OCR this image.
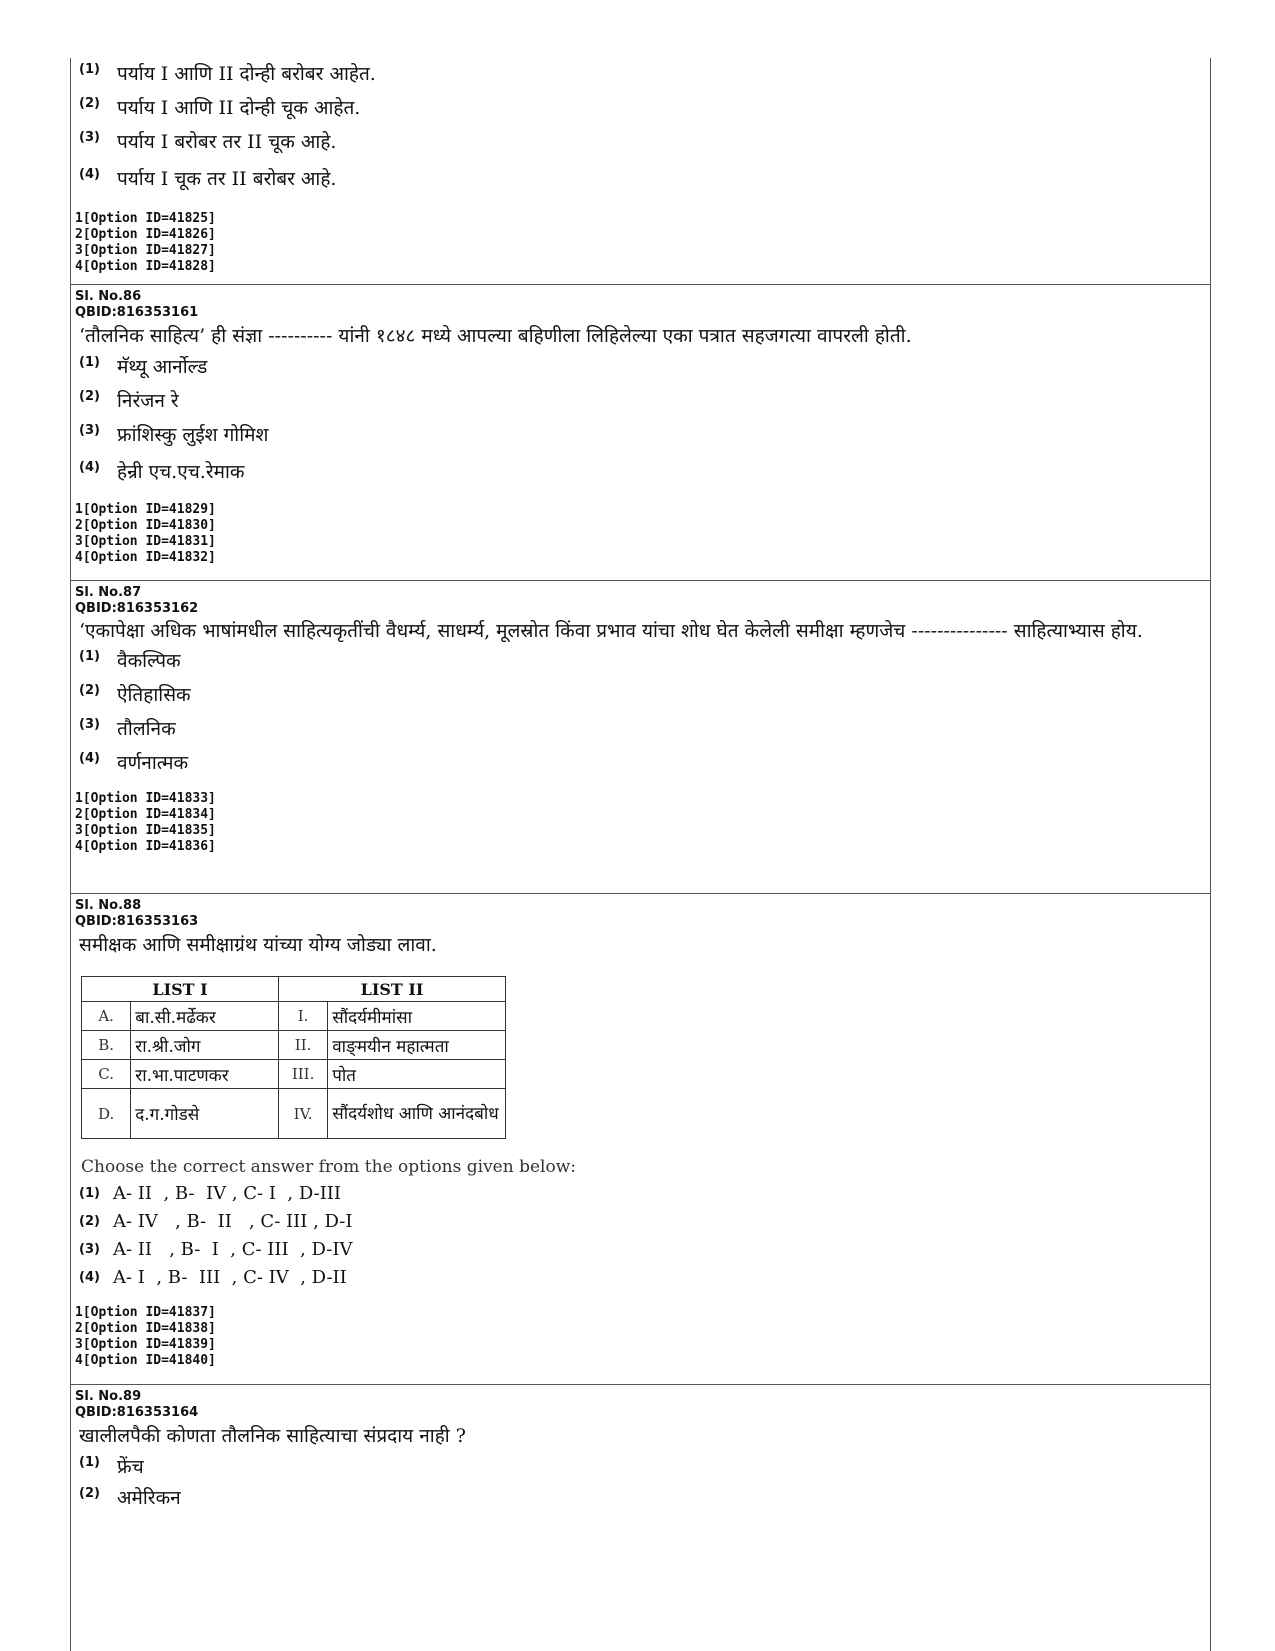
(1) पर्याय I आणि II दोन्ही बरोबर आहेत.
(2) पर्याय I आणि II दोन्ही चूक आहेत.
(3) पर्याय I बरोबर तर II चूक आहे.
(4) पर्याय I चूक तर II बरोबर आहे.
1[Option ID=41825]
2[Option ID=41826]
3[Option ID=41827]
4[Option ID=41828]
Sl. No.86
QBID:816353161
‘तौलनिक साहित्य’ ही संज्ञा ---------- यांनी १८४८ मध्ये आपल्या बहिणीला लिहिलेल्या एका पत्रात सहजगत्या वापरली होती.
(1) मॅथ्यू आर्नोल्ड
(2) निरंजन रे
(3) फ्रांशिस्कु लुईश गोमिश
(4) हेन्री एच.एच.रेमाक
1[Option ID=41829]
2[Option ID=41830]
3[Option ID=41831]
4[Option ID=41832]
Sl. No.87
QBID:816353162
‘एकापेक्षा अधिक भाषांमधील साहित्यकृतींची वैधर्म्य, साधर्म्य, मूलस्रोत किंवा प्रभाव यांचा शोध घेत केलेली समीक्षा म्हणजेच --------------- साहित्याभ्यास होय.
(1) वैकल्पिक
(2) ऐतिहासिक
(3) तौलनिक
(4) वर्णनात्मक
1[Option ID=41833]
2[Option ID=41834]
3[Option ID=41835]
4[Option ID=41836]
Sl. No.88
QBID:816353163
समीक्षक आणि समीक्षाग्रंथ यांच्या योग्य जोड्या लावा.
LIST I		LIST II	
A.	बा.सी.मर्ढेकर	I.	सौंदर्यमीमांसा
B.	रा.श्री.जोग	II.	वाङ्‌मयीन महात्मता
C.	रा.भा.पाटणकर	III.	पोत
D.	द.ग.गोडसे	IV.	सौंदर्यशोध आणि आनंदबोध
Choose the correct answer from the options given below:
(1) A- II  , B-  IV , C- I  , D-III
(2) A- IV   , B-  II   , C- III , D-I
(3) A- II   , B-  I  , C- III  , D-IV
(4) A- I  , B-  III  , C- IV  , D-II
1[Option ID=41837]
2[Option ID=41838]
3[Option ID=41839]
4[Option ID=41840]
Sl. No.89
QBID:816353164
खालीलपैकी कोणता तौलनिक साहित्याचा संप्रदाय नाही ?
(1) फ्रेंच
(2) अमेरिकन
